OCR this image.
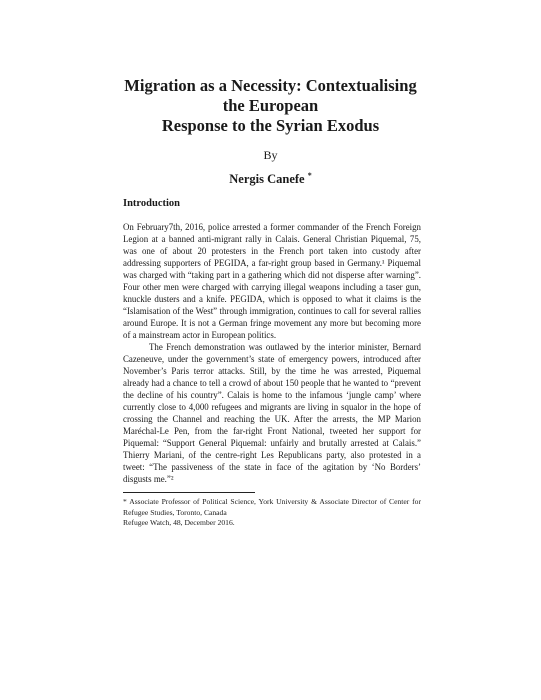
Migration as a Necessity: Contextualising
the European
Response to the Syrian Exodus
By
Nergis Canefe *
Introduction

On February7th, 2016, police arrested a former commander of the French Foreign Legion at a banned anti-migrant rally in Calais. General Christian Piquemal, 75, was one of about 20 protesters in the French port taken into custody after addressing supporters of PEGIDA, a far-right group based in Germany.¹ Piquemal was charged with “taking part in a gathering which did not disperse after warning”. Four other men were charged with carrying illegal weapons including a taser gun, knuckle dusters and a knife. PEGIDA, which is opposed to what it claims is the “Islamisation of the West” through immigration, continues to call for several rallies around Europe. It is not a German fringe movement any more but becoming more of a mainstream actor in European politics.

The French demonstration was outlawed by the interior minister, Bernard Cazeneuve, under the government’s state of emergency powers, introduced after November’s Paris terror attacks. Still, by the time he was arrested, Piquemal already had a chance to tell a crowd of about 150 people that he wanted to “prevent the decline of his country”. Calais is home to the infamous ‘jungle camp’ where currently close to 4,000 refugees and migrants are living in squalor in the hope of crossing the Channel and reaching the UK. After the arrests, the MP Marion Maréchal-Le Pen, from the far-right Front National, tweeted her support for Piquemal: “Support General Piquemal: unfairly and brutally arrested at Calais.” Thierry Mariani, of the centre-right Les Republicans party, also protested in a tweet: “The passiveness of the state in face of the agitation by ‘No Borders’ disgusts me.”²

* Associate Professor of Political Science, York University & Associate Director of Center for Refugee Studies, Toronto, Canada

Refugee Watch, 48, December 2016.
